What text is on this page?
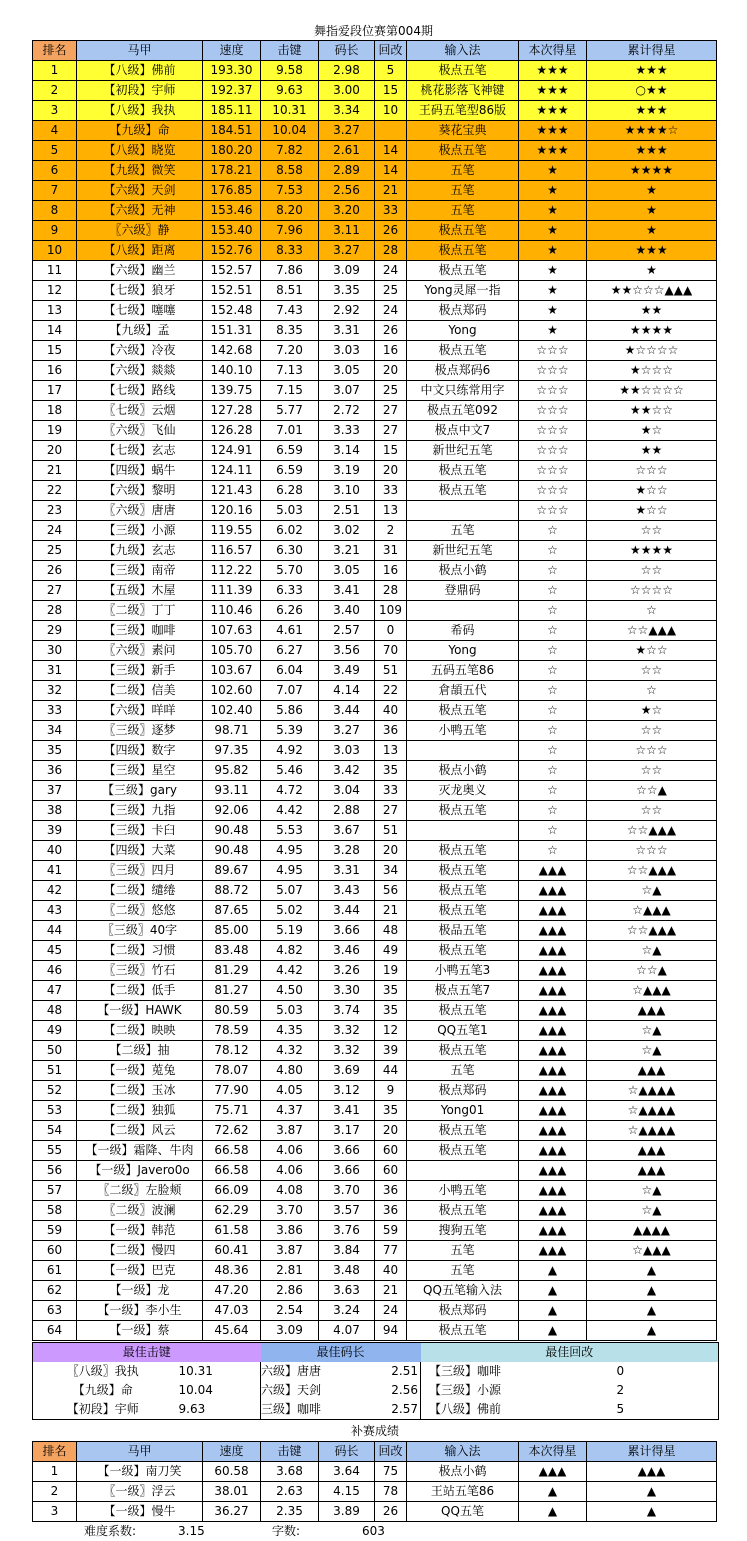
舞指爱段位赛第004期
排名	马甲	速度	击键	码长	回改	输入法	本次得星	累计得星
1	【八级】佛前	193.30	9.58	2.98	5	极点五笔	★★★	★★★
2	【初段】宇师	192.37	9.63	3.00	15	桃花影落飞神键	★★★	○★★
3	【八级】我执	185.11	10.31	3.34	10	王码五笔型86版	★★★	★★★
4	【九级】命	184.51	10.04	3.27		葵花宝典	★★★	★★★★☆
5	【八级】晓览	180.20	7.82	2.61	14	极点五笔	★★★	★★★
6	【九级】微笑	178.21	8.58	2.89	14	五笔	★	★★★★
7	【六级】天剑	176.85	7.53	2.56	21	五笔	★	★
8	【六级】无神	153.46	8.20	3.20	33	五笔	★	★
9	〖六级〗静	153.40	7.96	3.11	26	极点五笔	★	★
10	【八级】距离	152.76	8.33	3.27	28	极点五笔	★	★★★
11	【六级】幽兰	152.57	7.86	3.09	24	极点五笔	★	★
12	【七级】狼牙	152.51	8.51	3.35	25	Yong灵犀一指	★	★★☆☆☆▲▲▲
13	【七级】噻噻	152.48	7.43	2.92	24	极点郑码	★	★★
14	【九级】孟	151.31	8.35	3.31	26	Yong	★	★★★★
15	【六级】冷夜	142.68	7.20	3.03	16	极点五笔	☆☆☆	★☆☆☆☆
16	【六级】燚燚	140.10	7.13	3.05	20	极点郑码6	☆☆☆	★☆☆☆
17	【七级】路线	139.75	7.15	3.07	25	中文只练常用字	☆☆☆	★★☆☆☆☆
18	〖七级〗云烟	127.28	5.77	2.72	27	极点五笔092	☆☆☆	★★☆☆
19	〖六级〗飞仙	126.28	7.01	3.33	27	极点中文7	☆☆☆	★☆
20	【七级】玄志	124.91	6.59	3.14	15	新世纪五笔	☆☆☆	★★
21	【四级】蜗牛	124.11	6.59	3.19	20	极点五笔	☆☆☆	☆☆☆
22	【六级】黎明	121.43	6.28	3.10	33	极点五笔	☆☆☆	★☆☆
23	〖六级〗唐唐	120.16	5.03	2.51	13		☆☆☆	★☆☆
24	【三级】小源	119.55	6.02	3.02	2	五笔	☆	☆☆
25	【九级】玄志	116.57	6.30	3.21	31	新世纪五笔	☆	★★★★
26	【三级】南帝	112.22	5.70	3.05	16	极点小鹤	☆	☆☆
27	【五级】木屋	111.39	6.33	3.41	28	登鼎码	☆	☆☆☆☆
28	〖二级〗丁丁	110.46	6.26	3.40	109		☆	☆
29	【三级】咖啡	107.63	4.61	2.57	0	希码	☆	☆☆▲▲▲
30	〖六级〗素问	105.70	6.27	3.56	70	Yong	☆	★☆☆
31	【三级】新手	103.67	6.04	3.49	51	五码五笔86	☆	☆☆
32	【二级】信美	102.60	7.07	4.14	22	倉頡五代	☆	☆
33	【六级】咩咩	102.40	5.86	3.44	40	极点五笔	☆	★☆
34	〖三级〗逐梦	98.71	5.39	3.27	36	小鸭五笔	☆	☆☆
35	【四级】数字	97.35	4.92	3.03	13		☆	☆☆☆
36	【三级】星空	95.82	5.46	3.42	35	极点小鹤	☆	☆☆
37	【三级】gary	93.11	4.72	3.04	33	灭龙奥义	☆	☆☆▲
38	【三级】九指	92.06	4.42	2.88	27	极点五笔	☆	☆☆
39	【三级】卡臼	90.48	5.53	3.67	51		☆	☆☆▲▲▲
40	【四级】大菜	90.48	4.95	3.28	20	极点五笔	☆	☆☆☆
41	〖三级〗四月	89.67	4.95	3.31	34	极点五笔	▲▲▲	☆☆▲▲▲
42	【二级】缱绻	88.72	5.07	3.43	56	极点五笔	▲▲▲	☆▲
43	〖二级〗悠悠	87.65	5.02	3.44	21	极点五笔	▲▲▲	☆▲▲▲
44	〖三级〗40字	85.00	5.19	3.66	48	极品五笔	▲▲▲	☆☆▲▲▲
45	【二级】习惯	83.48	4.82	3.46	49	极点五笔	▲▲▲	☆▲
46	〖三级〗竹石	81.29	4.42	3.26	19	小鸭五笔3	▲▲▲	☆☆▲
47	【二级】低手	81.27	4.50	3.30	35	极点五笔7	▲▲▲	☆▲▲▲
48	【一级】HAWK	80.59	5.03	3.74	35	极点五笔	▲▲▲	▲▲▲
49	【二级】映映	78.59	4.35	3.32	12	QQ五笔1	▲▲▲	☆▲
50	【二级】抽	78.12	4.32	3.32	39	极点五笔	▲▲▲	☆▲
51	【一级】莵兔	78.07	4.80	3.69	44	五笔	▲▲▲	▲▲▲
52	【二级】玉冰	77.90	4.05	3.12	9	极点郑码	▲▲▲	☆▲▲▲▲
53	【二级】独狐	75.71	4.37	3.41	35	Yong01	▲▲▲	☆▲▲▲▲
54	【二级】风云	72.62	3.87	3.17	20	极点五笔	▲▲▲	☆▲▲▲▲
55	【一级】霜降、牛肉	66.58	4.06	3.66	60	极点五笔	▲▲▲	▲▲▲
56	【一级】Javero0o	66.58	4.06	3.66	60		▲▲▲	▲▲▲
57	〖二级〗左脸颊	66.09	4.08	3.70	36	小鸭五笔	▲▲▲	☆▲
58	〖二级〗波澜	62.29	3.70	3.57	36	极点五笔	▲▲▲	☆▲
59	【一级】韩范	61.58	3.86	3.76	59	搜狗五笔	▲▲▲	▲▲▲▲
60	【二级】慢四	60.41	3.87	3.84	77	五笔	▲▲▲	☆▲▲▲
61	【一级】巴克	48.36	2.81	3.48	40	五笔	▲	▲
62	【一级】龙	47.20	2.86	3.63	21	QQ五笔输入法	▲	▲
63	【一级】李小生	47.03	2.54	3.24	24	极点郑码	▲	▲
64	【一级】蔡	45.64	3.09	4.07	94	极点五笔	▲	▲
最佳击键		最佳码长		最佳回改	
〖八级〗我执	10.31	六级】唐唐	2.51	【三级】咖啡	0
【九级】命	10.04	六级】天剑	2.56	【三级】小源	2
【初段】宇师	9.63	三级】咖啡	2.57	【八级】佛前	5
补赛成绩
排名	马甲	速度	击键	码长	回改	输入法	本次得星	累计得星
1	【一级】南刀笑	60.58	3.68	3.64	75	极点小鹤	▲▲▲	▲▲▲
2	〖一级〗浮云	38.01	2.63	4.15	78	王站五笔86	▲	▲
3	【一级】慢牛	36.27	2.35	3.89	26	QQ五笔	▲	▲
难度系数:	3.15	字数:	603
